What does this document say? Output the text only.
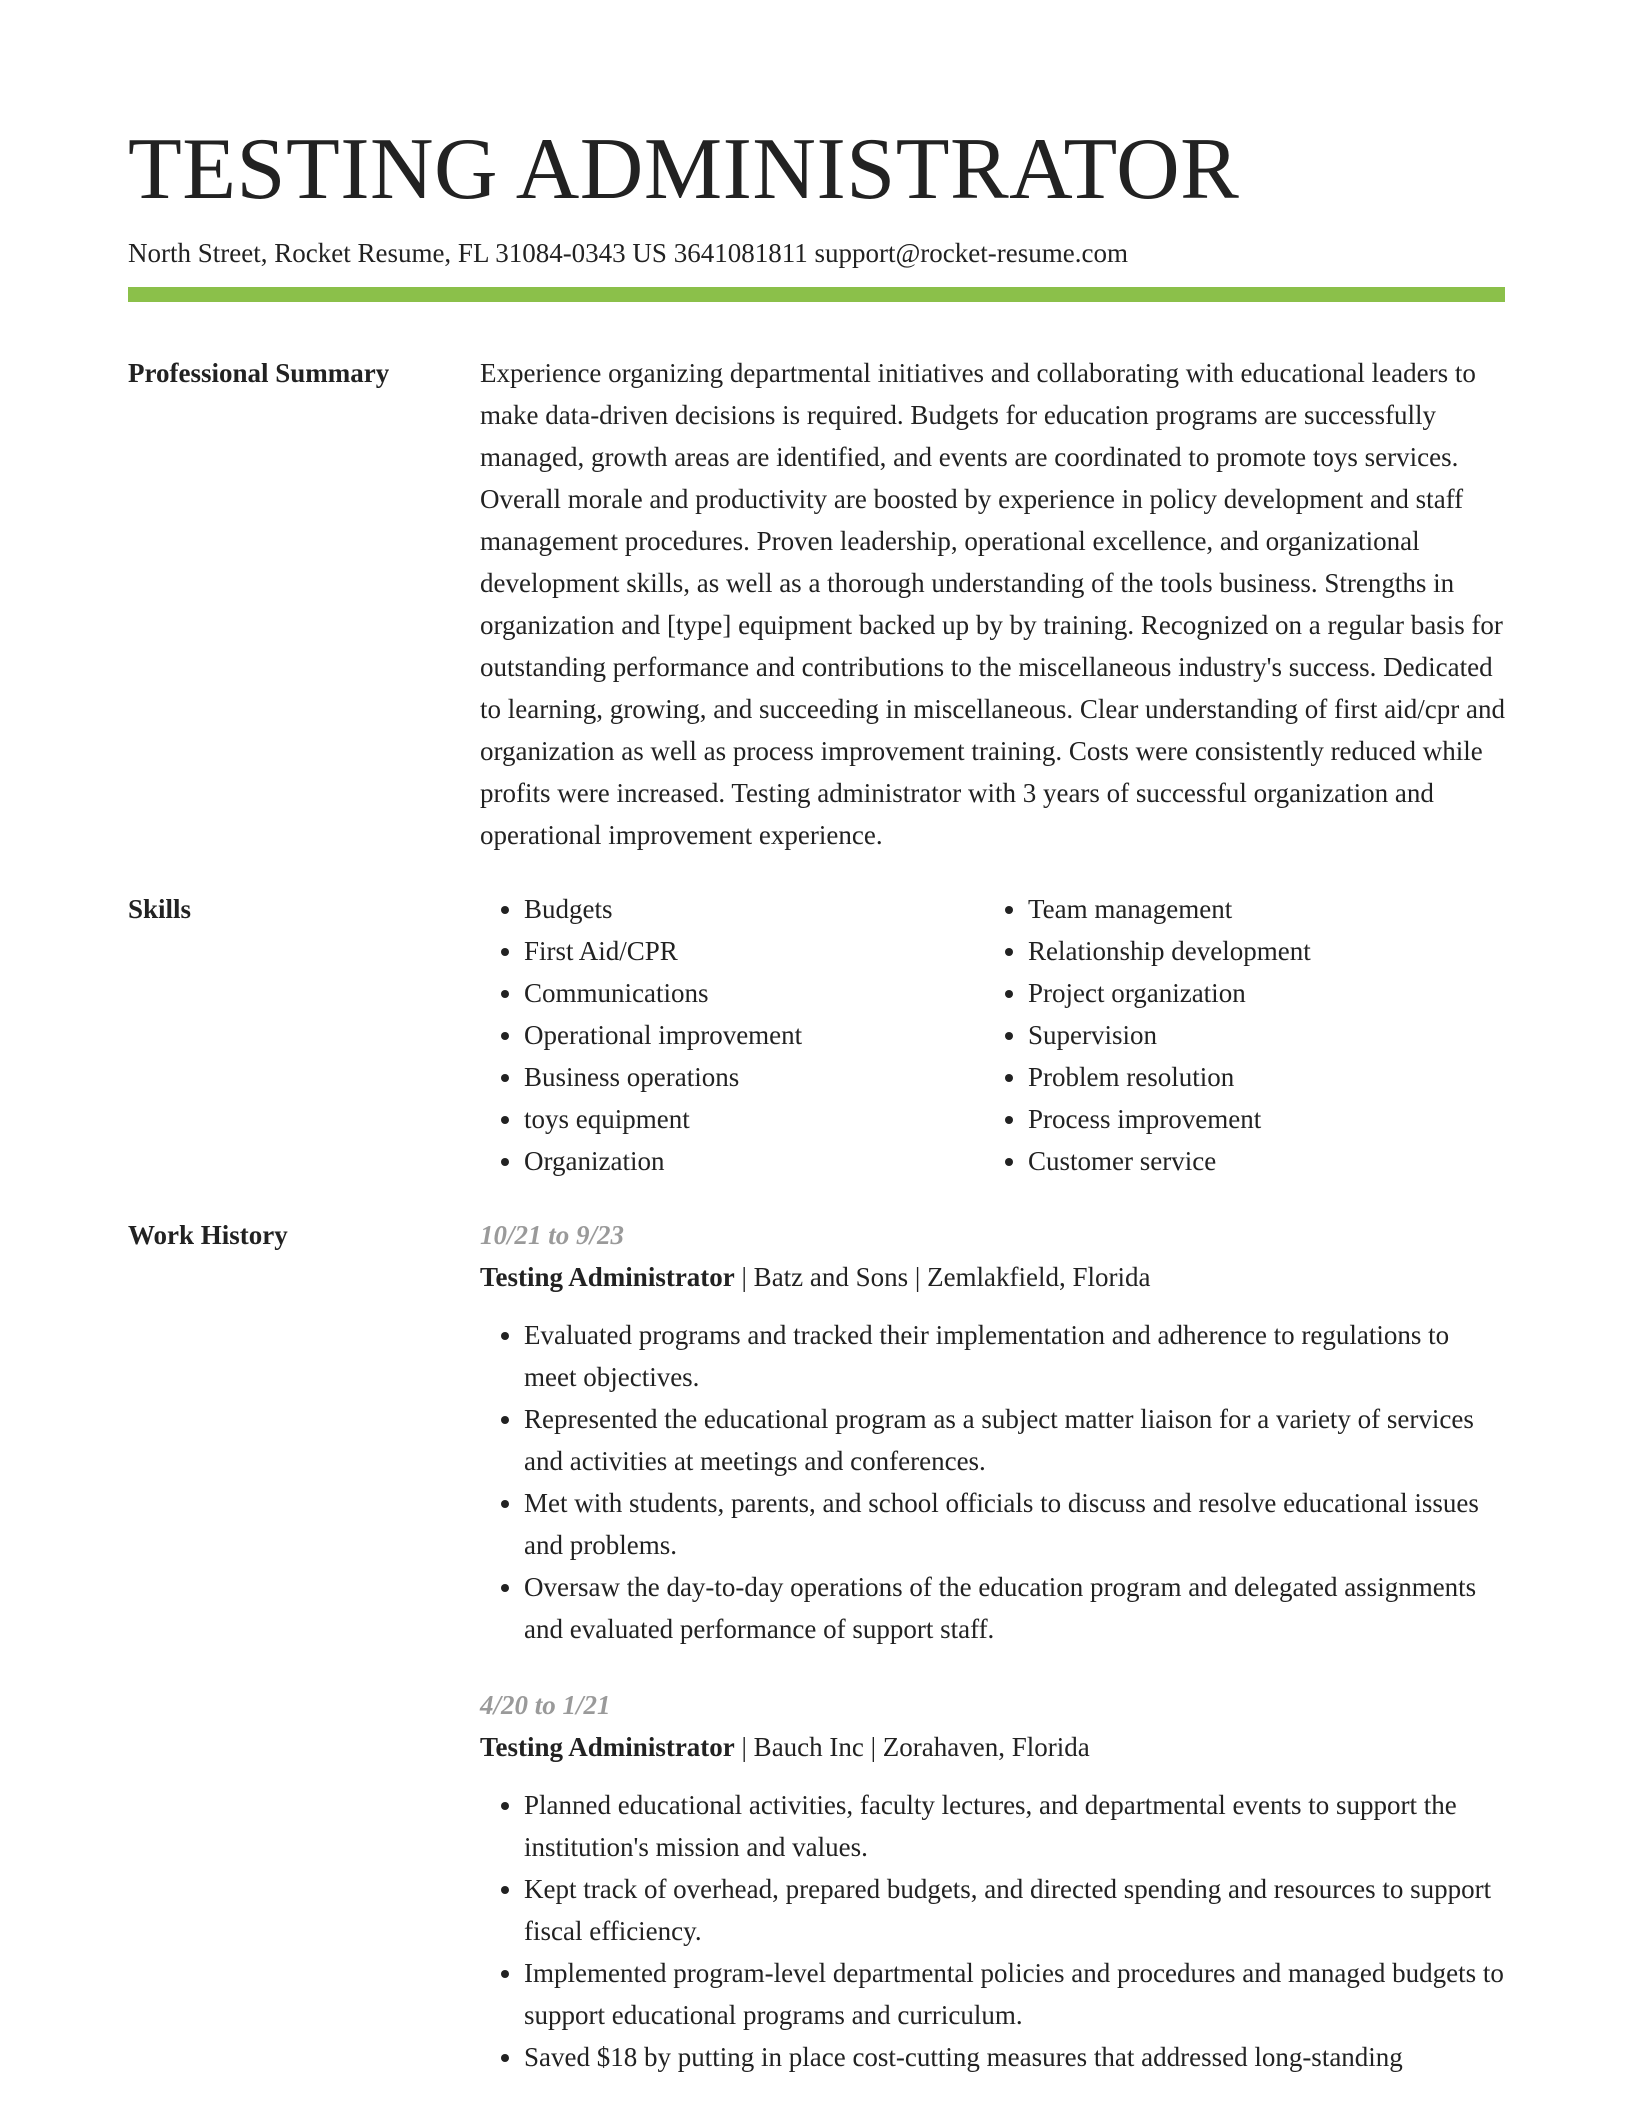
TESTING ADMINISTRATOR
North Street, Rocket Resume, FL 31084-0343 US 3641081811 support@rocket-resume.com
Professional Summary	Experience organizing departmental initiatives and collaborating with educational leaders to make data-driven decisions is required. Budgets for education programs are successfully managed, growth areas are identified, and events are coordinated to promote toys services. Overall morale and productivity are boosted by experience in policy development and staff management procedures. Proven leadership, operational excellence, and organizational development skills, as well as a thorough understanding of the tools business. Strengths in organization and [type] equipment backed up by by training. Recognized on a regular basis for outstanding performance and contributions to the miscellaneous industry's success. Dedicated to learning, growing, and succeeding in miscellaneous. Clear understanding of first aid/cpr and organization as well as process improvement training. Costs were consistently reduced while profits were increased. Testing administrator with 3 years of successful organization and operational improvement experience.

Skills
•	Budgets
• First Aid/CPR
• Communications
• Operational improvement
• Business operations
• toys equipment
• Organization
• Team management
• Relationship development
• Project organization
• Supervision
• Problem resolution
• Process improvement
• Customer service
Work History	10/21 to 9/23
Testing Administrator | Batz and Sons | Zemlakfield, Florida
• Evaluated programs and tracked their implementation and adherence to regulations to meet objectives.
• Represented the educational program as a subject matter liaison for a variety of services and activities at meetings and conferences.
• Met with students, parents, and school officials to discuss and resolve educational issues and problems.
• Oversaw the day-to-day operations of the education program and delegated assignments and evaluated performance of support staff.
4/20 to 1/21
Testing Administrator | Bauch Inc | Zorahaven, Florida
• Planned educational activities, faculty lectures, and departmental events to support the institution's mission and values.
• Kept track of overhead, prepared budgets, and directed spending and resources to support fiscal efficiency.
• Implemented program-level departmental policies and procedures and managed budgets to support educational programs and curriculum.
• Saved $18 by putting in place cost-cutting measures that addressed long-standing
